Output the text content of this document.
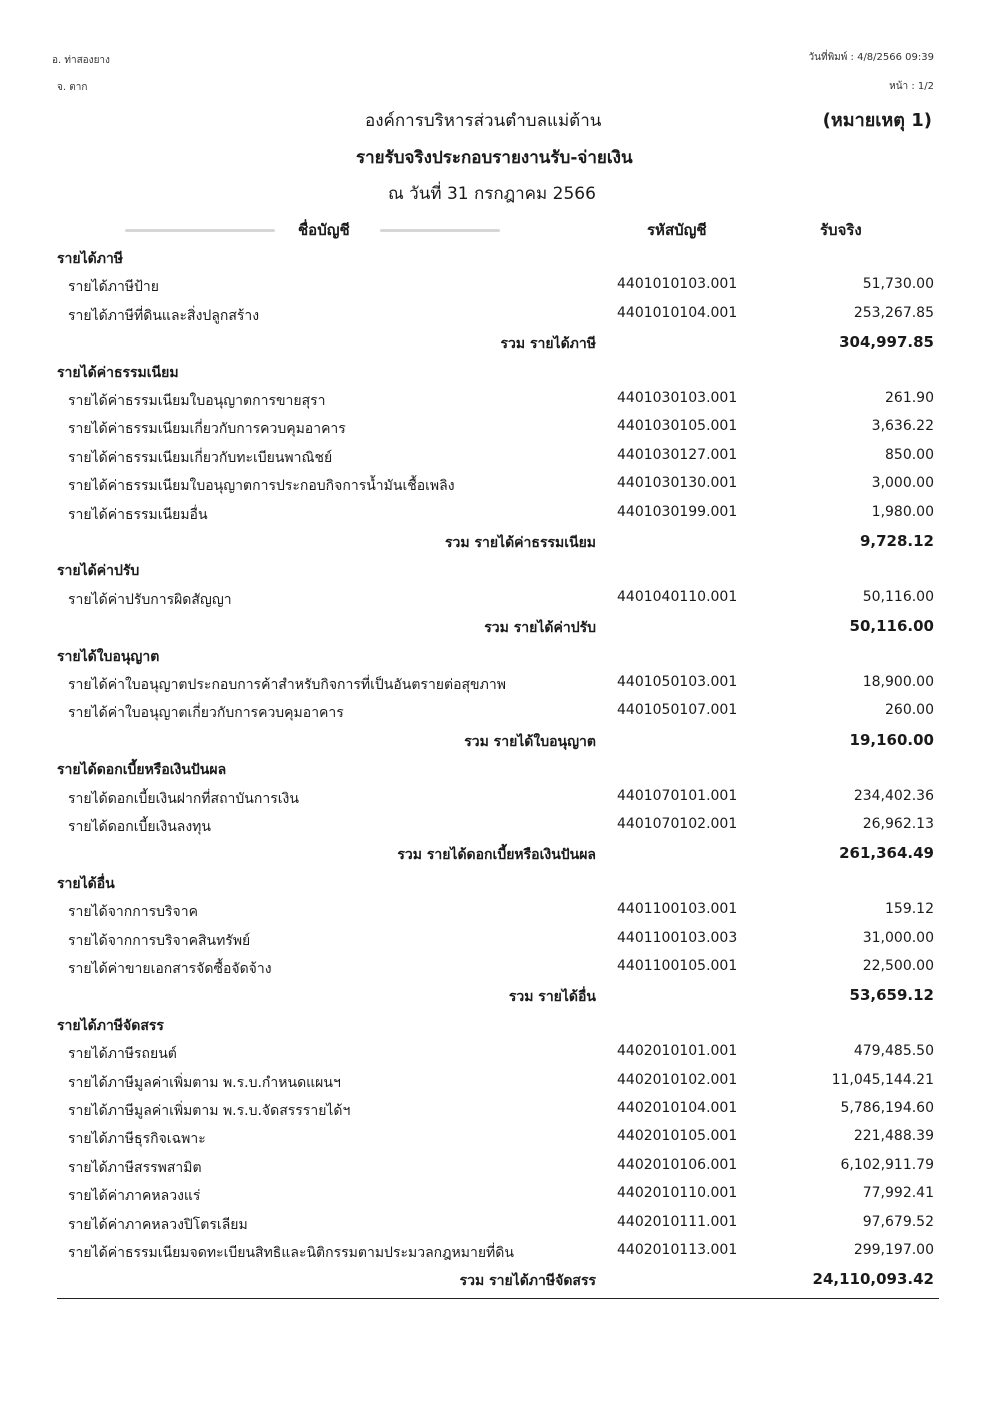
อ. ท่าสองยาง
จ. ตาก
วันที่พิมพ์ : 4/8/2566 09:39
หน้า : 1/2
องค์การบริหารส่วนตำบลแม่ต้าน	(หมายเหตุ 1)
รายรับจริงประกอบรายงานรับ-จ่ายเงิน
ณ วันที่ 31 กรกฎาคม 2566
ชื่อบัญชี	รหัสบัญชี	รับจริง
รายได้ภาษี
รายได้ภาษีป้าย	4401010103.001	51,730.00
รายได้ภาษีที่ดินและสิ่งปลูกสร้าง	4401010104.001	253,267.85
รวม รายได้ภาษี	304,997.85
รายได้ค่าธรรมเนียม
รายได้ค่าธรรมเนียมใบอนุญาตการขายสุรา	4401030103.001	261.90
รายได้ค่าธรรมเนียมเกี่ยวกับการควบคุมอาคาร	4401030105.001	3,636.22
รายได้ค่าธรรมเนียมเกี่ยวกับทะเบียนพาณิชย์	4401030127.001	850.00
รายได้ค่าธรรมเนียมใบอนุญาตการประกอบกิจการน้ำมันเชื้อเพลิง	4401030130.001	3,000.00
รายได้ค่าธรรมเนียมอื่น	4401030199.001	1,980.00
รวม รายได้ค่าธรรมเนียม	9,728.12
รายได้ค่าปรับ
รายได้ค่าปรับการผิดสัญญา	4401040110.001	50,116.00
รวม รายได้ค่าปรับ	50,116.00
รายได้ใบอนุญาต
รายได้ค่าใบอนุญาตประกอบการค้าสำหรับกิจการที่เป็นอันตรายต่อสุขภาพ	4401050103.001	18,900.00
รายได้ค่าใบอนุญาตเกี่ยวกับการควบคุมอาคาร	4401050107.001	260.00
รวม รายได้ใบอนุญาต	19,160.00
รายได้ดอกเบี้ยหรือเงินปันผล
รายได้ดอกเบี้ยเงินฝากที่สถาบันการเงิน	4401070101.001	234,402.36
รายได้ดอกเบี้ยเงินลงทุน	4401070102.001	26,962.13
รวม รายได้ดอกเบี้ยหรือเงินปันผล	261,364.49
รายได้อื่น
รายได้จากการบริจาค	4401100103.001	159.12
รายได้จากการบริจาคสินทรัพย์	4401100103.003	31,000.00
รายได้ค่าขายเอกสารจัดซื้อจัดจ้าง	4401100105.001	22,500.00
รวม รายได้อื่น	53,659.12
รายได้ภาษีจัดสรร
รายได้ภาษีรถยนต์	4402010101.001	479,485.50
รายได้ภาษีมูลค่าเพิ่มตาม พ.ร.บ.กำหนดแผนฯ	4402010102.001	11,045,144.21
รายได้ภาษีมูลค่าเพิ่มตาม พ.ร.บ.จัดสรรรายได้ฯ	4402010104.001	5,786,194.60
รายได้ภาษีธุรกิจเฉพาะ	4402010105.001	221,488.39
รายได้ภาษีสรรพสามิต	4402010106.001	6,102,911.79
รายได้ค่าภาคหลวงแร่	4402010110.001	77,992.41
รายได้ค่าภาคหลวงปิโตรเลียม	4402010111.001	97,679.52
รายได้ค่าธรรมเนียมจดทะเบียนสิทธิและนิติกรรมตามประมวลกฎหมายที่ดิน	4402010113.001	299,197.00
รวม รายได้ภาษีจัดสรร	24,110,093.42
